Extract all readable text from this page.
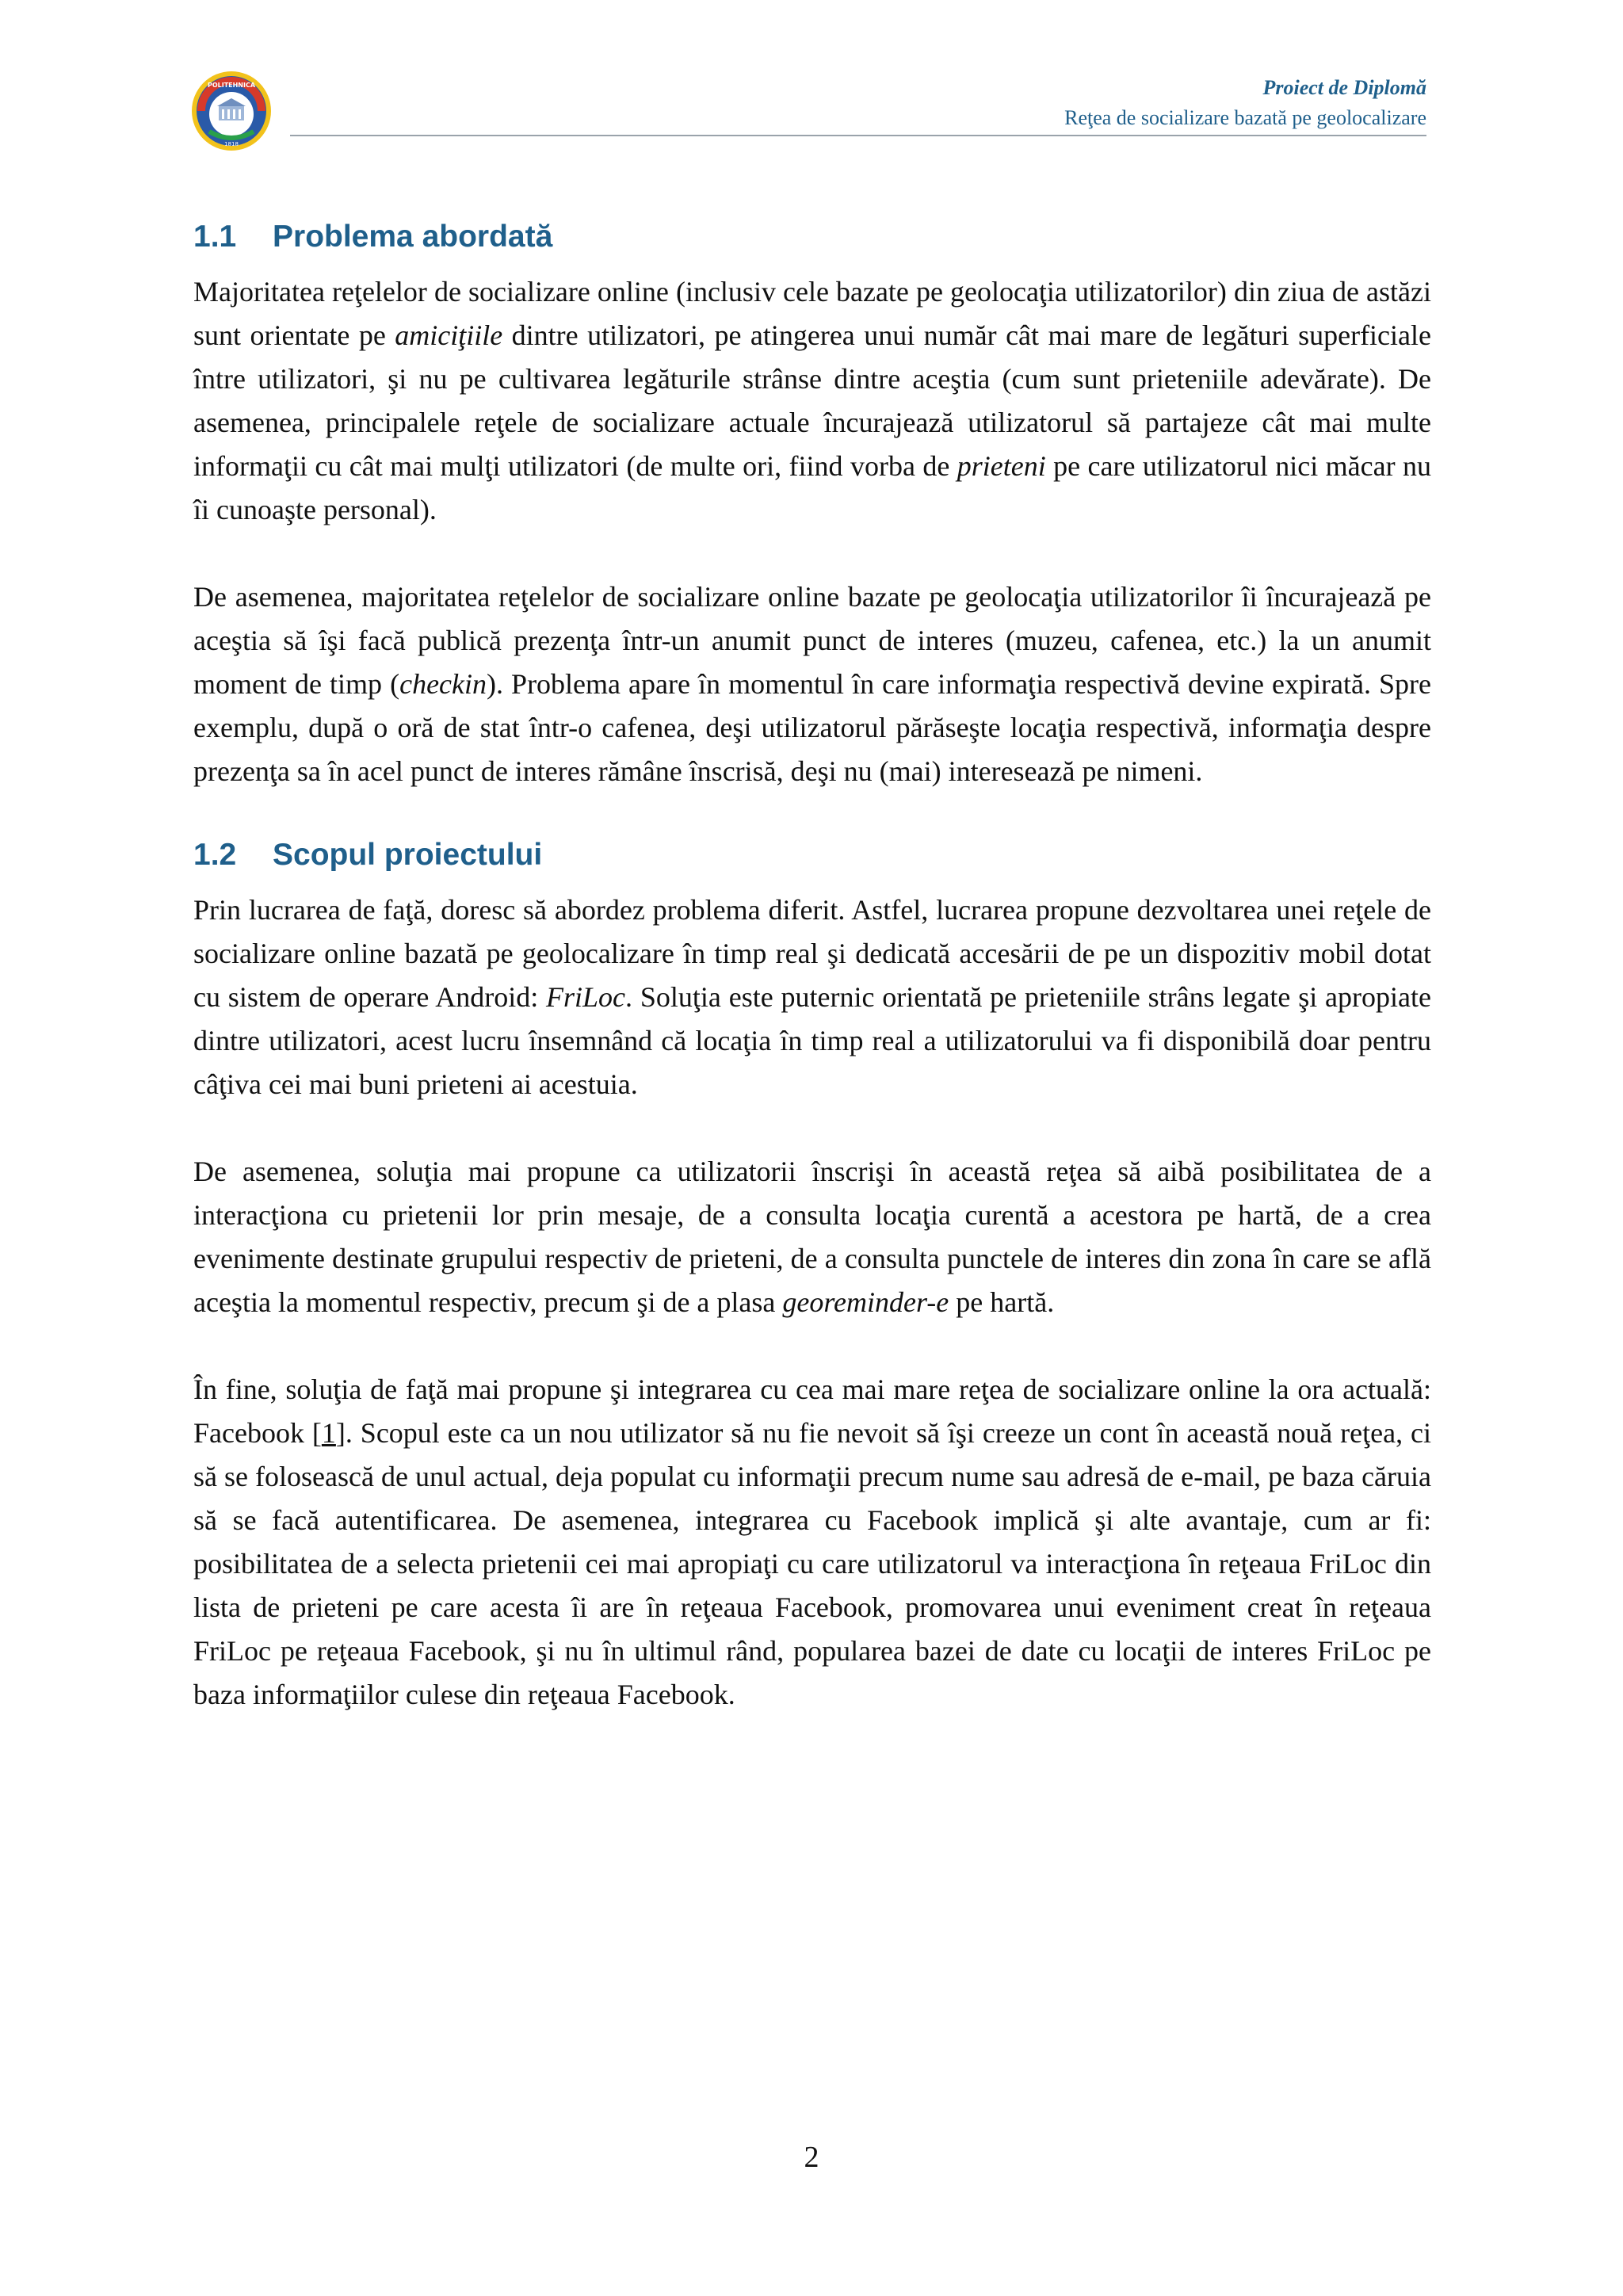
POLITEHNICA
1818
Proiect de Diplomă
Reţea de socializare bazată pe geolocalizare
1.1 Problema abordată

Majoritatea reţelelor de socializare online (inclusiv cele bazate pe geolocaţia utilizatorilor) din ziua de astăzi sunt orientate pe amiciţiile dintre utilizatori, pe atingerea unui număr cât mai mare de legături superficiale între utilizatori, şi nu pe cultivarea legăturile strânse dintre aceştia (cum sunt prieteniile adevărate). De asemenea, principalele reţele de socializare actuale încurajează utilizatorul să partajeze cât mai multe informaţii cu cât mai mulţi utilizatori (de multe ori, fiind vorba de prieteni pe care utilizatorul nici măcar nu îi cunoaşte personal).

De asemenea, majoritatea reţelelor de socializare online bazate pe geolocaţia utilizatorilor îi încurajează pe aceştia să îşi facă publică prezenţa într-un anumit punct de interes (muzeu, cafenea, etc.) la un anumit moment de timp (checkin). Problema apare în momentul în care informaţia respectivă devine expirată. Spre exemplu, după o oră de stat într-o cafenea, deşi utilizatorul părăseşte locaţia respectivă, informaţia despre prezenţa sa în acel punct de interes rămâne înscrisă, deşi nu (mai) interesează pe nimeni.

1.2 Scopul proiectului

Prin lucrarea de faţă, doresc să abordez problema diferit. Astfel, lucrarea propune dezvoltarea unei reţele de socializare online bazată pe geolocalizare în timp real şi dedicată accesării de pe un dispozitiv mobil dotat cu sistem de operare Android: FriLoc. Soluţia este puternic orientată pe prieteniile strâns legate şi apropiate dintre utilizatori, acest lucru însemnând că locaţia în timp real a utilizatorului va fi disponibilă doar pentru câţiva cei mai buni prieteni ai acestuia.

De asemenea, soluţia mai propune ca utilizatorii înscrişi în această reţea să aibă posibilitatea de a interacţiona cu prietenii lor prin mesaje, de a consulta locaţia curentă a acestora pe hartă, de a crea evenimente destinate grupului respectiv de prieteni, de a consulta punctele de interes din zona în care se află aceştia la momentul respectiv, precum şi de a plasa georeminder-e pe hartă.

În fine, soluţia de faţă mai propune şi integrarea cu cea mai mare reţea de socializare online la ora actuală: Facebook [1]. Scopul este ca un nou utilizator să nu fie nevoit să îşi creeze un cont în această nouă reţea, ci să se folosească de unul actual, deja populat cu informaţii precum nume sau adresă de e-mail, pe baza căruia să se facă autentificarea. De asemenea, integrarea cu Facebook implică şi alte avantaje, cum ar fi: posibilitatea de a selecta prietenii cei mai apropiaţi cu care utilizatorul va interacţiona în reţeaua FriLoc din lista de prieteni pe care acesta îi are în reţeaua Facebook, promovarea unui eveniment creat în reţeaua FriLoc pe reţeaua Facebook, şi nu în ultimul rând, popularea bazei de date cu locaţii de interes FriLoc pe baza informaţiilor culese din reţeaua Facebook.

2
